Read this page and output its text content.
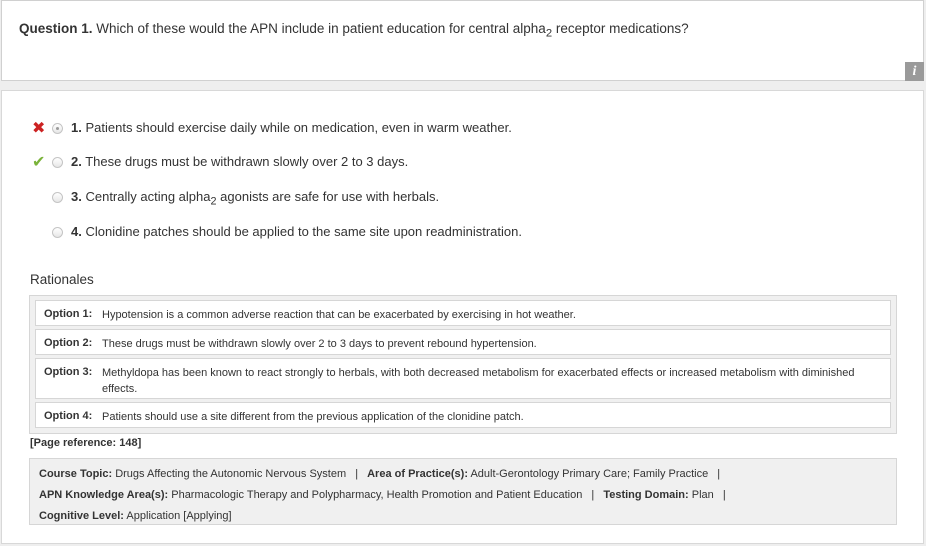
Question 1. Which of these would the APN include in patient education for central alpha$_2$ receptor medications?
i
✖	1. Patients should exercise daily while on medication, even in warm weather.
✔	2. These drugs must be withdrawn slowly over 2 to 3 days.
3. Centrally acting alpha$_2$ agonists are safe for use with herbals.
4. Clonidine patches should be applied to the same site upon readministration.
Rationales
Option 1: Hypotension is a common adverse reaction that can be exacerbated by exercising in hot weather.
Option 2: These drugs must be withdrawn slowly over 2 to 3 days to prevent rebound hypertension.
Option 3: Methyldopa has been known to react strongly to herbals, with both decreased metabolism for exacerbated effects or increased metabolism with diminished effects.
Option 4: Patients should use a site different from the previous application of the clonidine patch.
[Page reference: 148]
Course Topic: Drugs Affecting the Autonomic Nervous System | Area of Practice(s): Adult-Gerontology Primary Care; Family Practice |
APN Knowledge Area(s): Pharmacologic Therapy and Polypharmacy, Health Promotion and Patient Education | Testing Domain: Plan |
Cognitive Level: Application [Applying]
